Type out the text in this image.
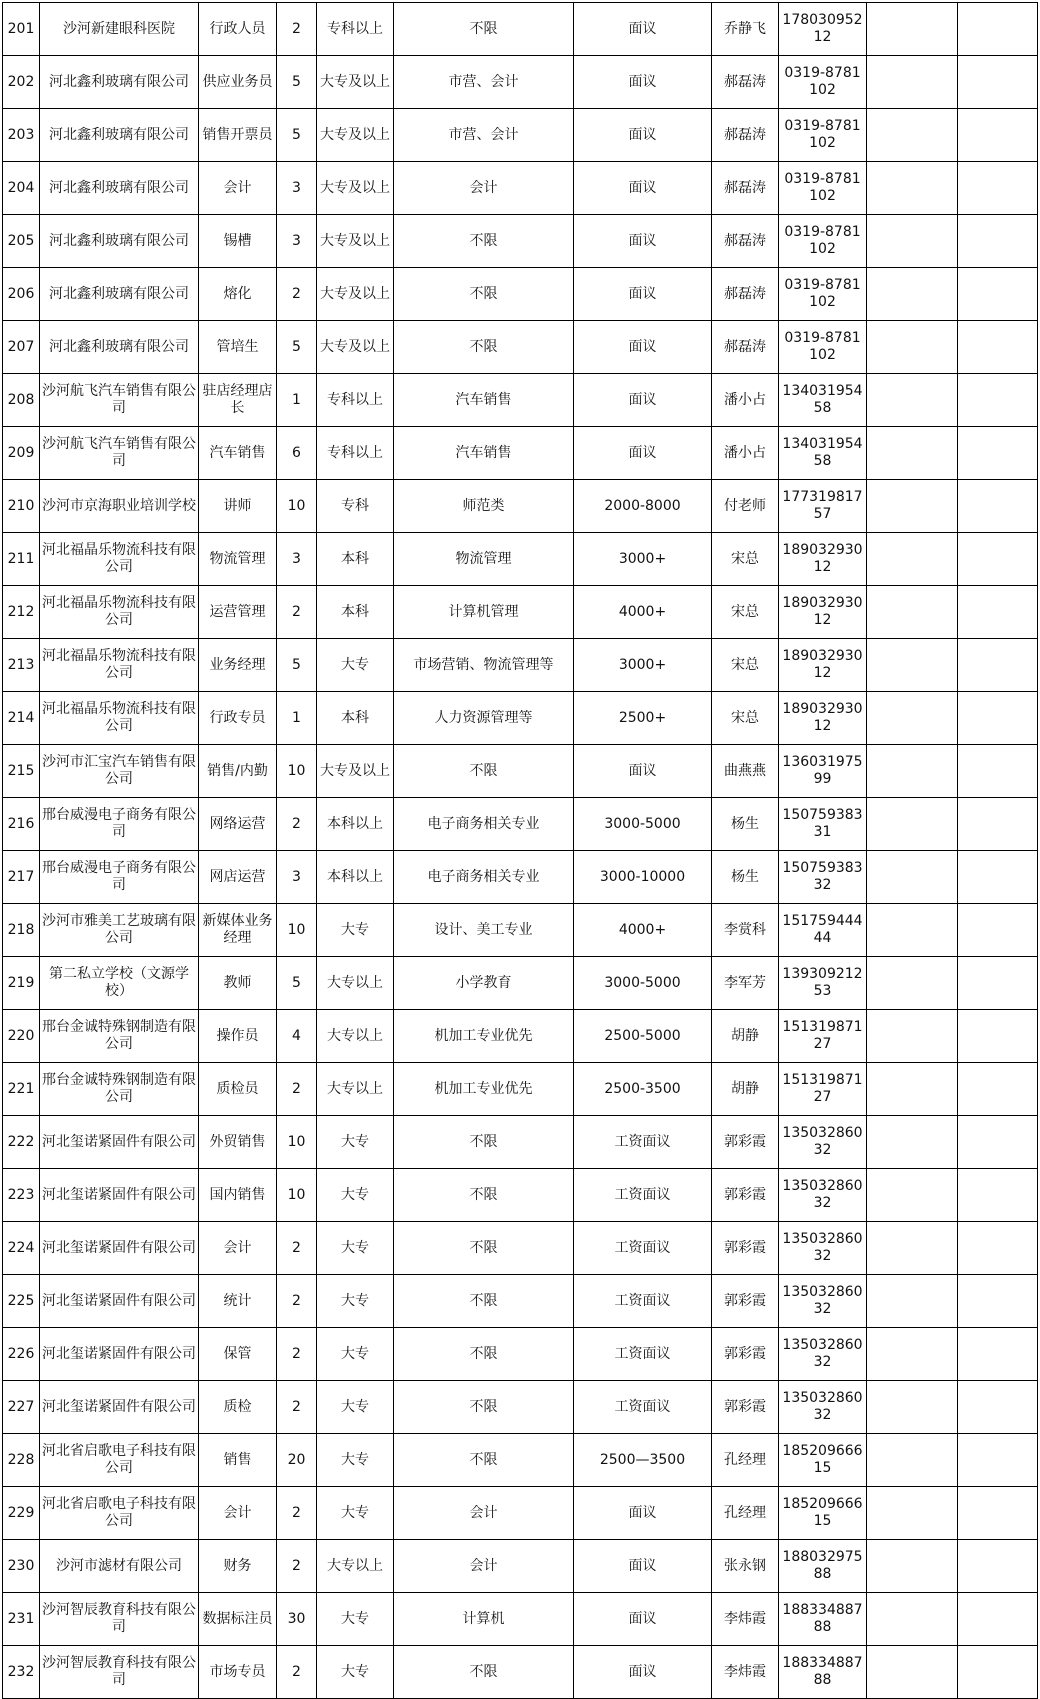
201	沙河新建眼科医院	行政人员	2	专科以上	不限	面议	乔静飞	17803095212		
202	河北鑫利玻璃有限公司	供应业务员	5	大专及以上	市营、会计	面议	郝磊涛	0319-8781102		
203	河北鑫利玻璃有限公司	销售开票员	5	大专及以上	市营、会计	面议	郝磊涛	0319-8781102		
204	河北鑫利玻璃有限公司	会计	3	大专及以上	会计	面议	郝磊涛	0319-8781102		
205	河北鑫利玻璃有限公司	锡槽	3	大专及以上	不限	面议	郝磊涛	0319-8781102		
206	河北鑫利玻璃有限公司	熔化	2	大专及以上	不限	面议	郝磊涛	0319-8781102		
207	河北鑫利玻璃有限公司	管培生	5	大专及以上	不限	面议	郝磊涛	0319-8781102		
208	沙河航飞汽车销售有限公司	驻店经理店长	1	专科以上	汽车销售	面议	潘小占	13403195458		
209	沙河航飞汽车销售有限公司	汽车销售	6	专科以上	汽车销售	面议	潘小占	13403195458		
210	沙河市京海职业培训学校	讲师	10	专科	师范类	2000-8000	付老师	17731981757		
211	河北福晶乐物流科技有限公司	物流管理	3	本科	物流管理	3000+	宋总	18903293012		
212	河北福晶乐物流科技有限公司	运营管理	2	本科	计算机管理	4000+	宋总	18903293012		
213	河北福晶乐物流科技有限公司	业务经理	5	大专	市场营销、物流管理等	3000+	宋总	18903293012		
214	河北福晶乐物流科技有限公司	行政专员	1	本科	人力资源管理等	2500+	宋总	18903293012		
215	沙河市汇宝汽车销售有限公司	销售/内勤	10	大专及以上	不限	面议	曲燕燕	13603197599		
216	邢台威漫电子商务有限公司	网络运营	2	本科以上	电子商务相关专业	3000-5000	杨生	15075938331		
217	邢台威漫电子商务有限公司	网店运营	3	本科以上	电子商务相关专业	3000-10000	杨生	15075938332		
218	沙河市雅美工艺玻璃有限公司	新媒体业务经理	10	大专	设计、美工专业	4000+	李赏科	15175944444		
219	第二私立学校（文源学校）	教师	5	大专以上	小学教育	3000-5000	李军芳	13930921253		
220	邢台金诚特殊钢制造有限公司	操作员	4	大专以上	机加工专业优先	2500-5000	胡静	15131987127		
221	邢台金诚特殊钢制造有限公司	质检员	2	大专以上	机加工专业优先	2500-3500	胡静	15131987127		
222	河北玺诺紧固件有限公司	外贸销售	10	大专	不限	工资面议	郭彩霞	13503286032		
223	河北玺诺紧固件有限公司	国内销售	10	大专	不限	工资面议	郭彩霞	13503286032		
224	河北玺诺紧固件有限公司	会计	2	大专	不限	工资面议	郭彩霞	13503286032		
225	河北玺诺紧固件有限公司	统计	2	大专	不限	工资面议	郭彩霞	13503286032		
226	河北玺诺紧固件有限公司	保管	2	大专	不限	工资面议	郭彩霞	13503286032		
227	河北玺诺紧固件有限公司	质检	2	大专	不限	工资面议	郭彩霞	13503286032		
228	河北省启歌电子科技有限公司	销售	20	大专	不限	2500—3500	孔经理	18520966615		
229	河北省启歌电子科技有限公司	会计	2	大专	会计	面议	孔经理	18520966615		
230	沙河市滤材有限公司	财务	2	大专以上	会计	面议	张永钢	18803297588		
231	沙河智辰教育科技有限公司	数据标注员	30	大专	计算机	面议	李炜霞	18833488788		
232	沙河智辰教育科技有限公司	市场专员	2	大专	不限	面议	李炜霞	18833488788		
